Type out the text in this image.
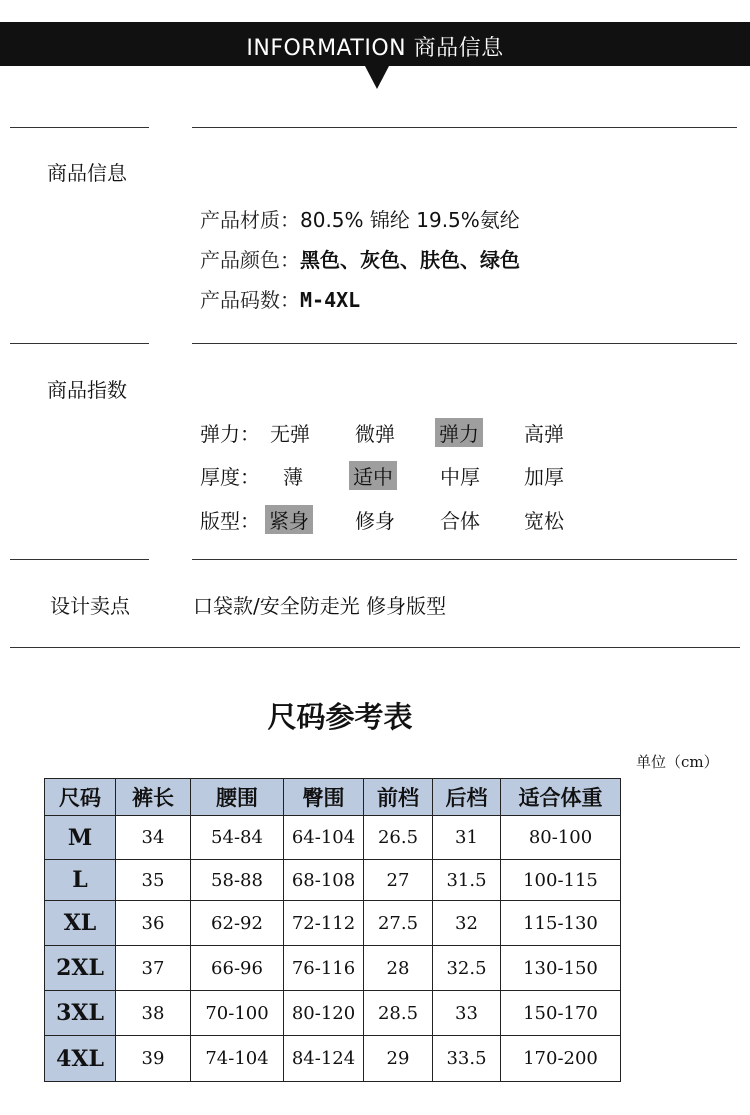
INFORMATION 商品信息
商品信息
产品材质：80.5% 锦纶 19.5%氨纶
产品颜色：黑色、灰色、肤色、绿色
产品码数：M-4XL
商品指数
弹力： 无弹 微弹 弹力 高弹
厚度： 薄	适中 中厚 加厚
版型： 紧身 修身 合体 宽松
设计卖点	口袋款/安全防走光 修身版型
尺码参考表
单位（cm）
尺码	裤长	腰围	臀围	前档	后档	适合体重
M	34	54-84	64-104	26.5	31	80-100
L	35	58-88	68-108	27	31.5	100-115
XL	36	62-92	72-112	27.5	32	115-130
2XL	37	66-96	76-116	28	32.5	130-150
3XL	38	70-100	80-120	28.5	33	150-170
4XL	39	74-104	84-124	29	33.5	170-200
